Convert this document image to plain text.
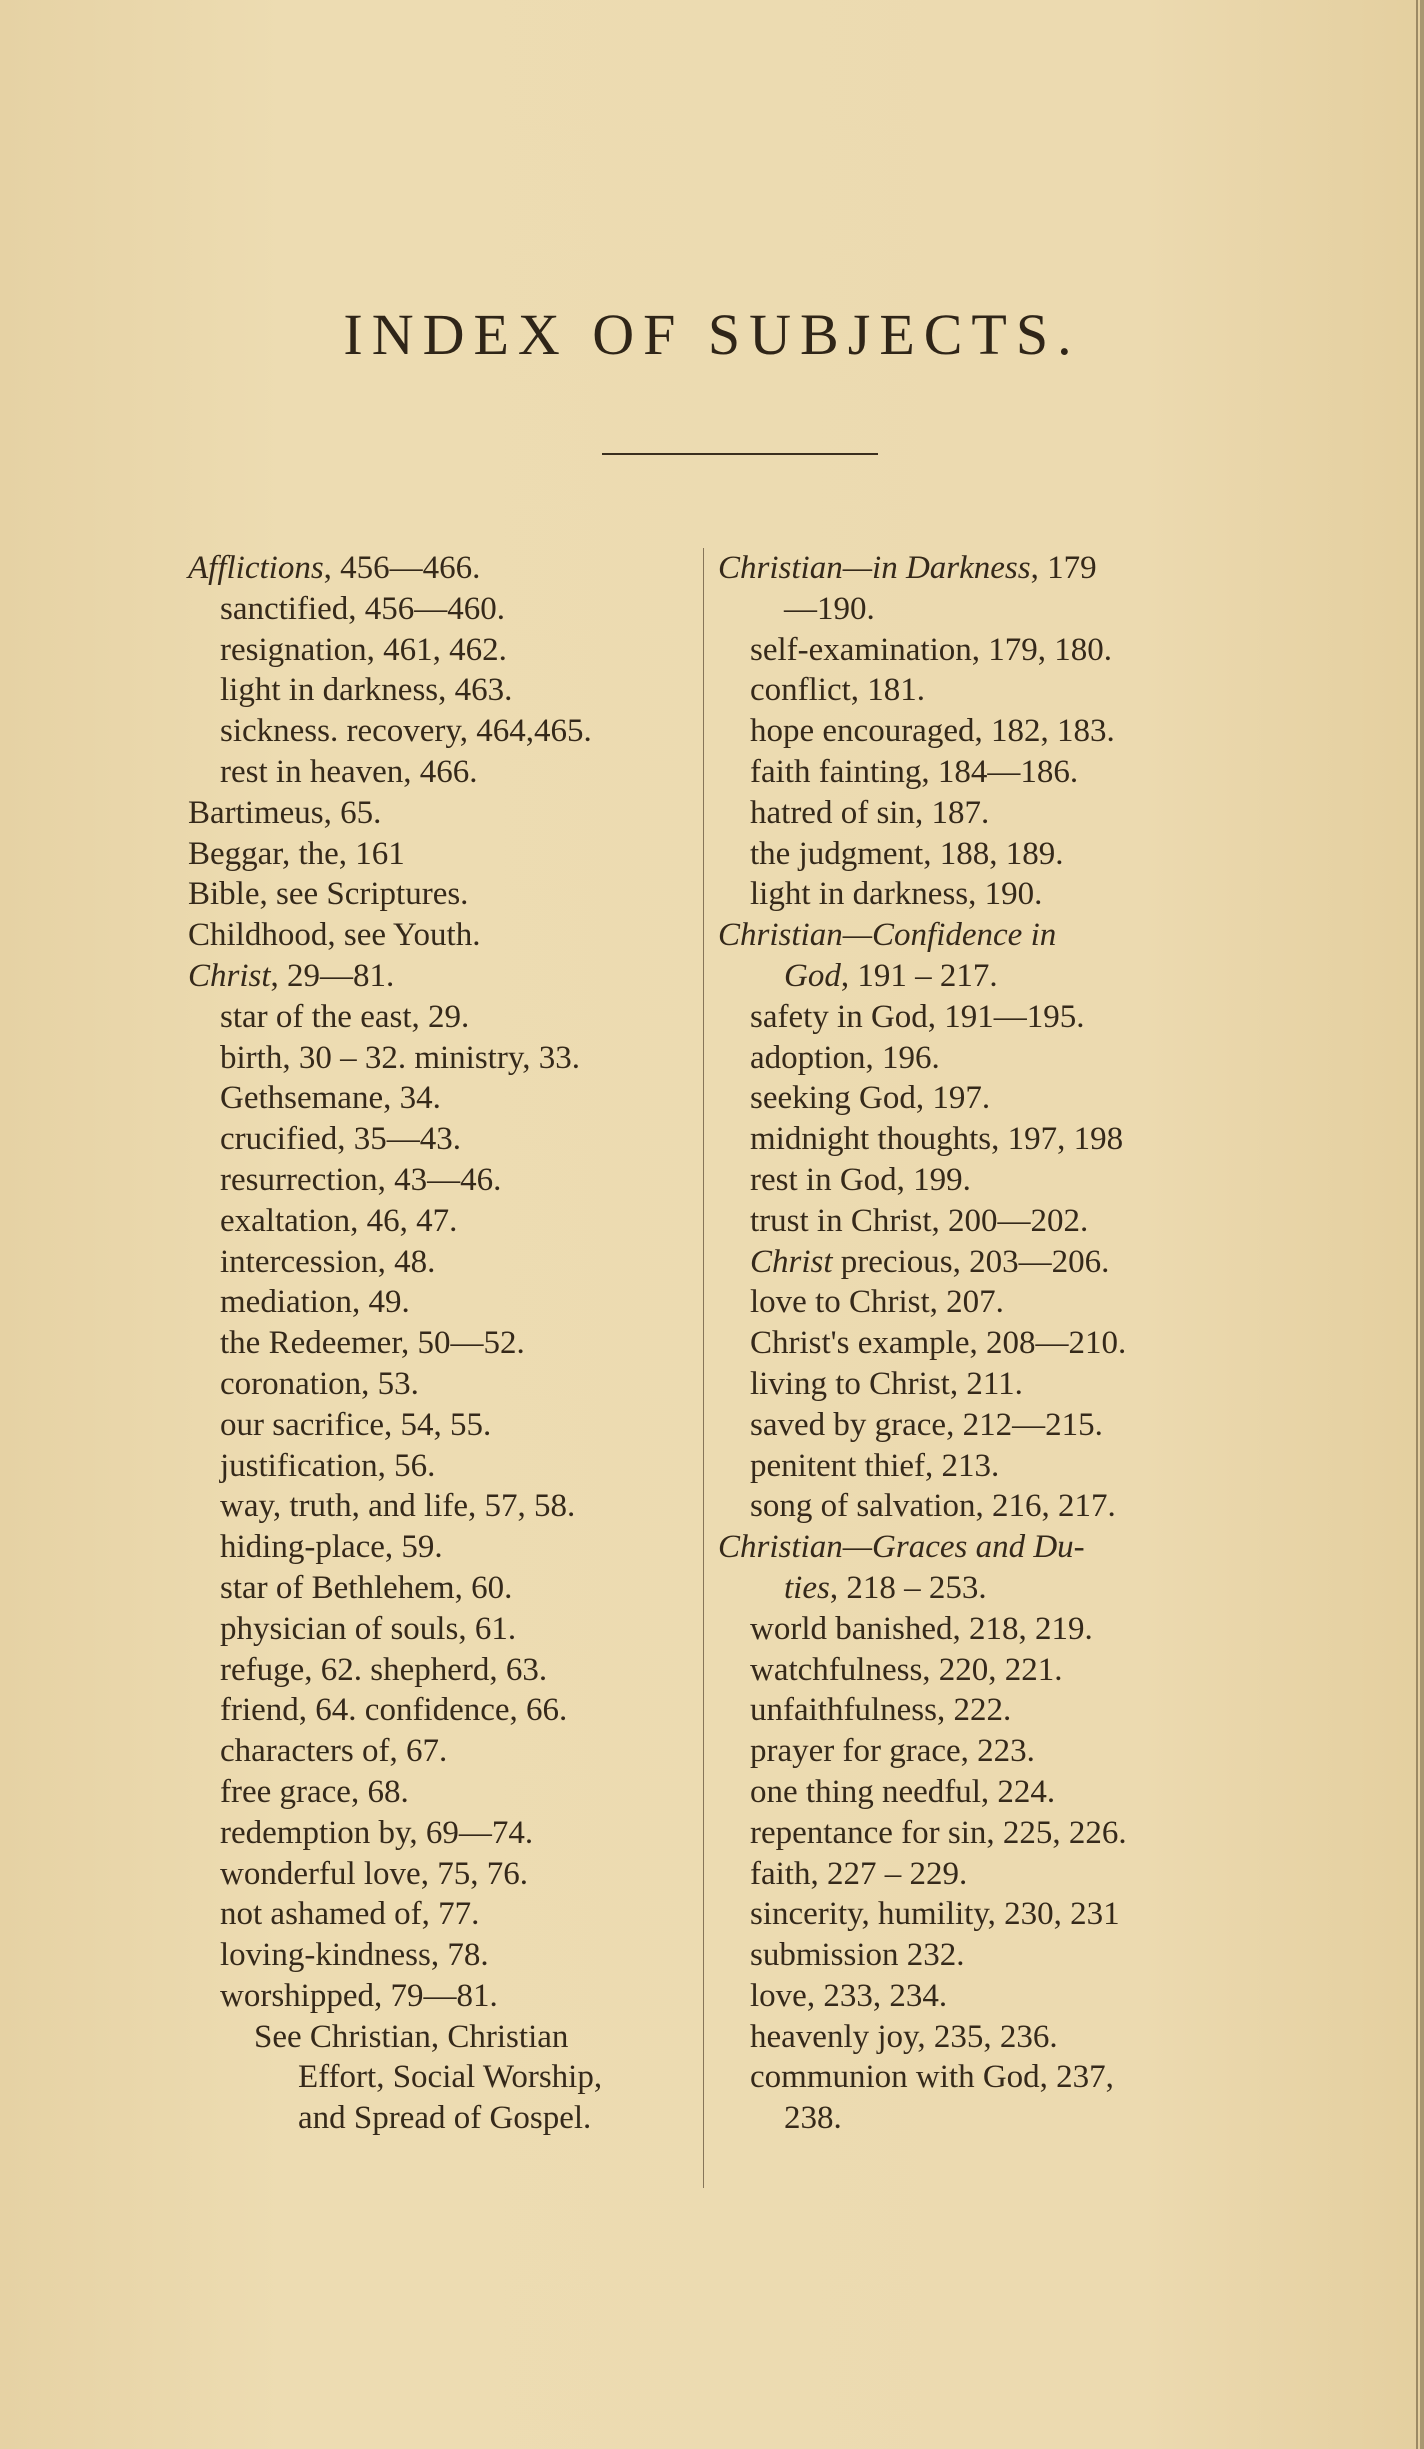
INDEX OF SUBJECTS.
Afflictions, 456—466.
sanctified, 456—460.
resignation, 461, 462.
light in darkness, 463.
sickness. recovery, 464,465.
rest in heaven, 466.
Bartimeus, 65.
Beggar, the, 161
Bible, see Scriptures.
Childhood, see Youth.
Christ, 29—81.
star of the east, 29.
birth, 30 – 32. ministry, 33.
Gethsemane, 34.
crucified, 35—43.
resurrection, 43—46.
exaltation, 46, 47.
intercession, 48.
mediation, 49.
the Redeemer, 50—52.
coronation, 53.
our sacrifice, 54, 55.
justification, 56.
way, truth, and life, 57, 58.
hiding-place, 59.
star of Bethlehem, 60.
physician of souls, 61.
refuge, 62. shepherd, 63.
friend, 64. confidence, 66.
characters of, 67.
free grace, 68.
redemption by, 69—74.
wonderful love, 75, 76.
not ashamed of, 77.
loving-kindness, 78.
worshipped, 79—81.
See Christian, Christian
Effort, Social Worship,
and Spread of Gospel.
Christian—in Darkness, 179
—190.
self-examination, 179, 180.
conflict, 181.
hope encouraged, 182, 183.
faith fainting, 184—186.
hatred of sin, 187.
the judgment, 188, 189.
light in darkness, 190.
Christian—Confidence in
God, 191 – 217.
safety in God, 191—195.
adoption, 196.
seeking God, 197.
midnight thoughts, 197, 198
rest in God, 199.
trust in Christ, 200—202.
Christ precious, 203—206.
love to Christ, 207.
Christ's example, 208—210.
living to Christ, 211.
saved by grace, 212—215.
penitent thief, 213.
song of salvation, 216, 217.
Christian—Graces and Du-
ties, 218 – 253.
world banished, 218, 219.
watchfulness, 220, 221.
unfaithfulness, 222.
prayer for grace, 223.
one thing needful, 224.
repentance for sin, 225, 226.
faith, 227 – 229.
sincerity, humility, 230, 231
submission 232.
love, 233, 234.
heavenly joy, 235, 236.
communion with God, 237,
238.
